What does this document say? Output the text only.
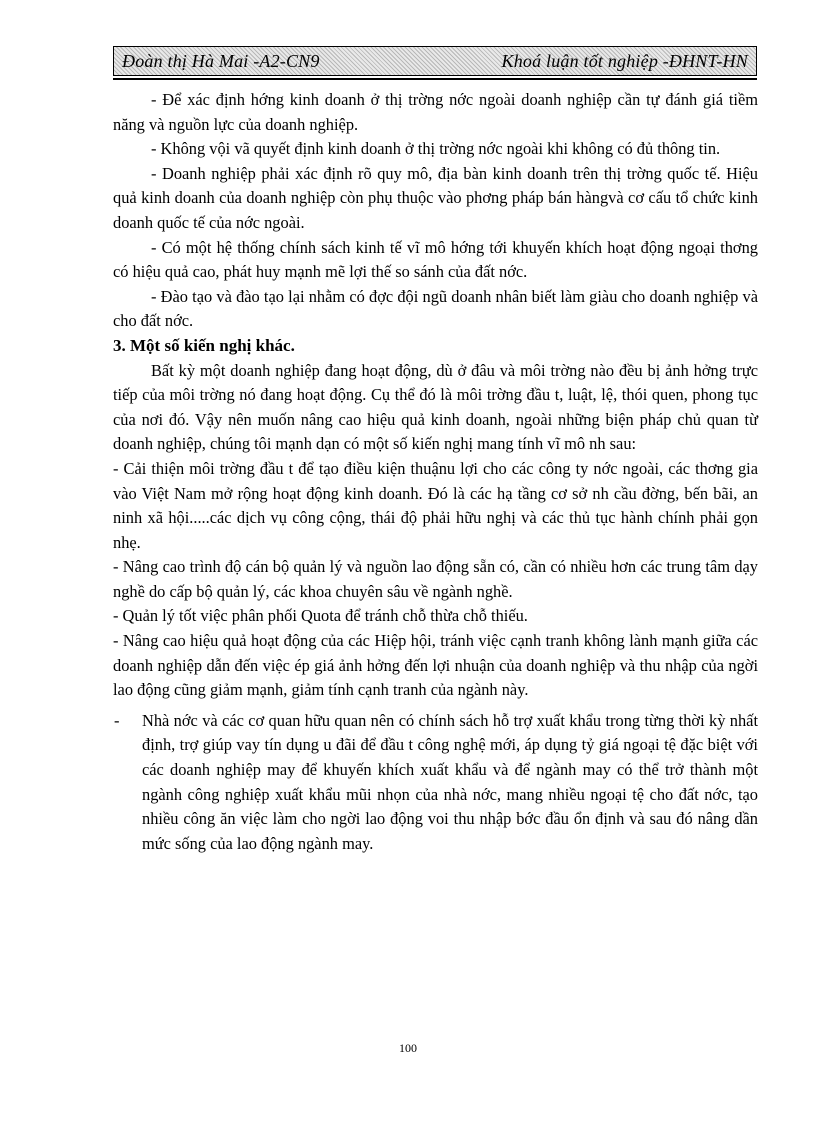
Đoàn thị Hà Mai -A2-CN9	Khoá luận tốt nghiệp -ĐHNT-HN

- Để xác định hớng kinh doanh ở thị trờng nớc ngoài doanh nghiệp cần tự đánh giá tiềm năng và nguồn lực của doanh nghiệp.

- Không vội vã quyết định kinh doanh ở thị trờng nớc ngoài khi không có đủ thông tin.

- Doanh nghiệp phải xác định rõ quy mô, địa bàn kinh doanh trên thị trờng quốc tế. Hiệu quả kinh doanh của doanh nghiệp còn phụ thuộc vào phơng pháp bán hàngvà cơ cấu tổ chức kinh doanh quốc tế của nớc ngoài.

- Có một hệ thống chính sách kinh tế vĩ mô hớng tới khuyến khích hoạt động ngoại thơng có hiệu quả cao, phát huy mạnh mẽ lợi thế so sánh của đất nớc.

- Đào tạo và đào tạo lại nhằm có đợc đội ngũ doanh nhân biết làm giàu cho doanh nghiệp và cho đất nớc.

3. Một số kiến nghị khác.

Bất kỳ một doanh nghiệp đang hoạt động, dù ở đâu và môi trờng nào đều bị ảnh hởng trực tiếp của môi trờng nó đang hoạt động. Cụ thể đó là môi trờng đầu t, luật, lệ, thói quen, phong tục của nơi đó. Vậy nên muốn nâng cao hiệu quả kinh doanh, ngoài những biện pháp chủ quan từ doanh nghiệp, chúng tôi mạnh dạn có một số kiến nghị mang tính vĩ mô nh sau:

- Cải thiện môi trờng đầu t để tạo điều kiện thuậnu lợi cho các công ty nớc ngoài, các thơng gia vào Việt Nam mở rộng hoạt động kinh doanh. Đó là các hạ tầng cơ sở nh cầu đờng, bến bãi, an ninh xã hội.....các dịch vụ công cộng, thái độ phải hữu nghị và các thủ tục hành chính phải gọn nhẹ.

- Nâng cao trình độ cán bộ quản lý và nguồn lao động sẵn có, cần có nhiều hơn các trung tâm dạy nghề do cấp bộ quản lý, các khoa chuyên sâu về ngành nghề.

- Quản lý tốt việc phân phối Quota để tránh chỗ thừa chỗ thiếu.

- Nâng cao hiệu quả hoạt động của các Hiệp hội, tránh việc cạnh tranh không lành mạnh giữa các doanh nghiệp dẫn đến việc ép giá ảnh hởng đến lợi nhuận của doanh nghiệp và thu nhập của ngời lao động cũng giảm mạnh, giảm tính cạnh tranh của ngành này.

- Nhà nớc và các cơ quan hữu quan nên có chính sách hỗ trợ xuất khẩu trong từng thời kỳ nhất định, trợ giúp vay tín dụng u đãi để đầu t công nghệ mới, áp dụng tỷ giá ngoại tệ đặc biệt với các doanh nghiệp may để khuyến khích xuất khẩu và để ngành may có thể trở thành một ngành công nghiệp xuất khẩu mũi nhọn của nhà nớc, mang nhiều ngoại tệ cho đất nớc, tạo nhiều công ăn việc làm cho ngời lao động voi thu nhập bớc đầu ổn định và sau đó nâng dần mức sống của lao động ngành may.
100
